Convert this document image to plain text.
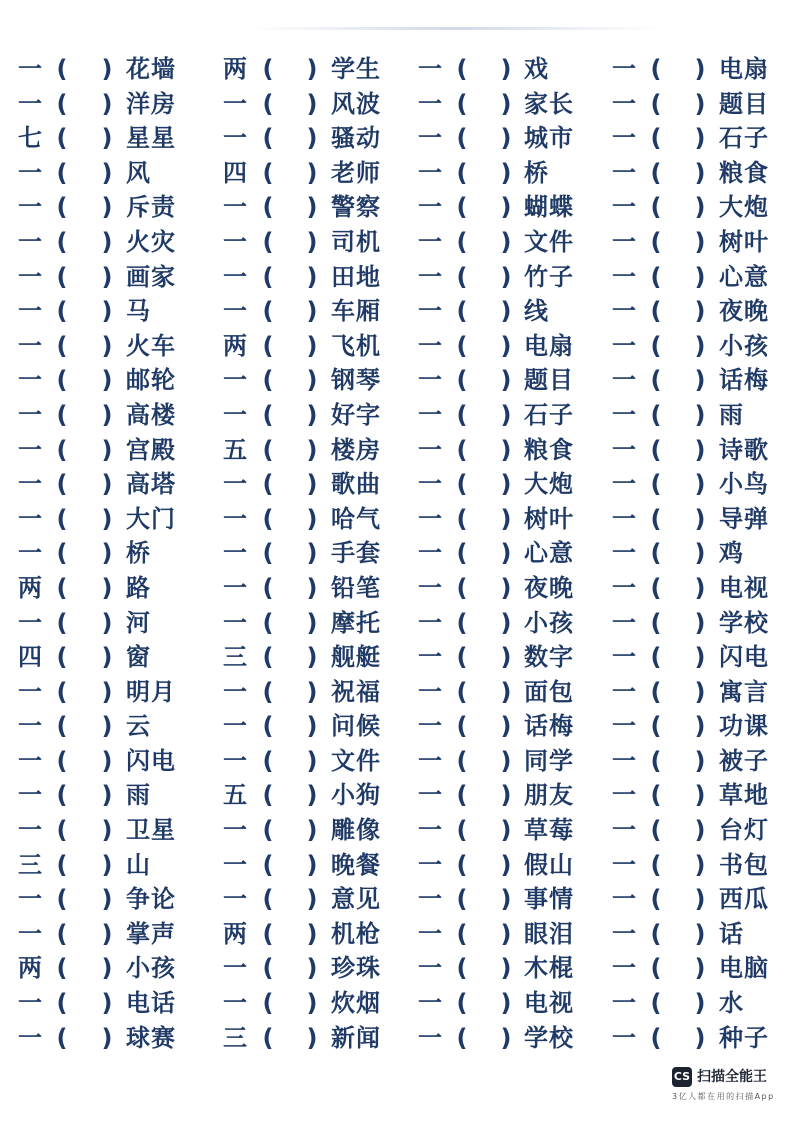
一 ( ) 花墙 两 ( ) 学生 一 ( ) 戏	一 ( ) 电扇
一 ( ) 洋房 一 ( ) 风波 一 ( ) 家长 一 ( ) 题目
七 ( ) 星星 一 ( ) 骚动 一 ( ) 城市 一 ( ) 石子
一 ( ) 风	四 ( ) 老师 一 ( ) 桥	一 ( ) 粮食
一 ( ) 斥责 一 ( ) 警察 一 ( ) 蝴蝶 一 ( ) 大炮
一 ( ) 火灾 一 ( ) 司机 一 ( ) 文件 一 ( ) 树叶
一 ( ) 画家 一 ( ) 田地 一 ( ) 竹子 一 ( ) 心意
一 ( ) 马	一 ( ) 车厢 一 ( ) 线	一 ( ) 夜晚
一 ( ) 火车 两 ( ) 飞机 一 ( ) 电扇 一 ( ) 小孩
一 ( ) 邮轮 一 ( ) 钢琴 一 ( ) 题目 一 ( ) 话梅
一 ( ) 高楼 一 ( ) 好字 一 ( ) 石子 一 ( ) 雨
一 ( ) 宫殿 五 ( ) 楼房 一 ( ) 粮食 一 ( ) 诗歌
一 ( ) 高塔 一 ( ) 歌曲 一 ( ) 大炮 一 ( ) 小鸟
一 ( ) 大门 一 ( ) 哈气 一 ( ) 树叶 一 ( ) 导弹
一 ( ) 桥	一 ( ) 手套 一 ( ) 心意 一 ( ) 鸡
两 ( ) 路	一 ( ) 铅笔 一 ( ) 夜晚 一 ( ) 电视
一 ( ) 河	一 ( ) 摩托 一 ( ) 小孩 一 ( ) 学校
四 ( ) 窗	三 ( ) 舰艇 一 ( ) 数字 一 ( ) 闪电
一 ( ) 明月 一 ( ) 祝福 一 ( ) 面包 一 ( ) 寓言
一 ( ) 云	一 ( ) 问候 一 ( ) 话梅 一 ( ) 功课
一 ( ) 闪电 一 ( ) 文件 一 ( ) 同学 一 ( ) 被子
一 ( ) 雨	五 ( ) 小狗 一 ( ) 朋友 一 ( ) 草地
一 ( ) 卫星 一 ( ) 雕像 一 ( ) 草莓 一 ( ) 台灯
三 ( ) 山	一 ( ) 晚餐 一 ( ) 假山 一 ( ) 书包
一 ( ) 争论 一 ( ) 意见 一 ( ) 事情 一 ( ) 西瓜
一 ( ) 掌声 两 ( ) 机枪 一 ( ) 眼泪 一 ( ) 话
两 ( ) 小孩 一 ( ) 珍珠 一 ( ) 木棍 一 ( ) 电脑
一 ( ) 电话 一 ( ) 炊烟 一 ( ) 电视 一 ( ) 水
一 ( ) 球赛 三 ( ) 新闻 一 ( ) 学校 一 ( ) 种子
CS 扫描全能王
3亿人都在用的扫描App
